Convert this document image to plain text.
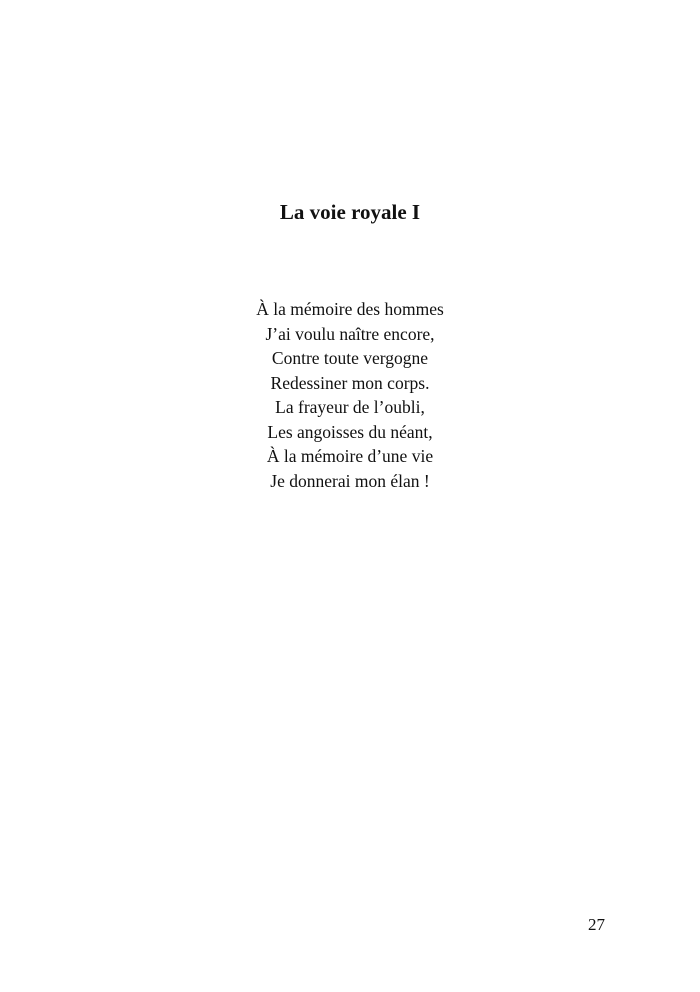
La voie royale I
À la mémoire des hommes
J’ai voulu naître encore,
Contre toute vergogne
Redessiner mon corps.
La frayeur de l’oubli,
Les angoisses du néant,
À la mémoire d’une vie
Je donnerai mon élan !
27
